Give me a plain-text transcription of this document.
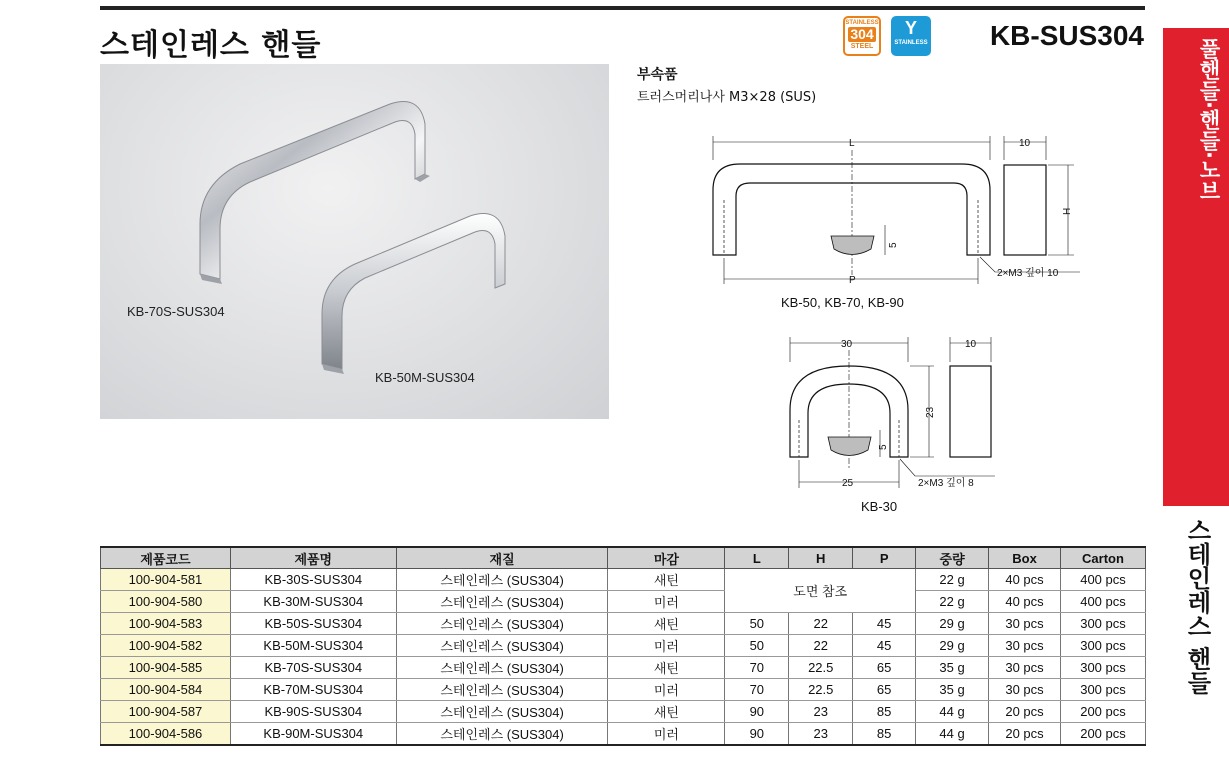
스테인레스 핸들
STAINLESS
304
STEEL
Y
STAINLESS KB-SUS304
KB-70S-SUS304
KB-50M-SUS304
부속품
트러스머리나사 M3×28 (SUS)
L
P
H
10
5
2×M3 깊이 10
KB-50, KB-70, KB-90
30
25
23
10
5
2×M3 깊이 8
KB-30
풀핸들·핸들·노브
스테인레스 핸들
제품코드	제품명	재질	마감	L	H	P	중량	Box	Carton
100-904-581	KB-30S-SUS304	스테인레스 (SUS304)	새틴	도면 참조			22 g	40 pcs	400 pcs
100-904-580	KB-30M-SUS304	스테인레스 (SUS304)	미러				22 g	40 pcs	400 pcs
100-904-583	KB-50S-SUS304	스테인레스 (SUS304)	새틴	50	22	45	29 g	30 pcs	300 pcs
100-904-582	KB-50M-SUS304	스테인레스 (SUS304)	미러	50	22	45	29 g	30 pcs	300 pcs
100-904-585	KB-70S-SUS304	스테인레스 (SUS304)	새틴	70	22.5	65	35 g	30 pcs	300 pcs
100-904-584	KB-70M-SUS304	스테인레스 (SUS304)	미러	70	22.5	65	35 g	30 pcs	300 pcs
100-904-587	KB-90S-SUS304	스테인레스 (SUS304)	새틴	90	23	85	44 g	20 pcs	200 pcs
100-904-586	KB-90M-SUS304	스테인레스 (SUS304)	미러	90	23	85	44 g	20 pcs	200 pcs
